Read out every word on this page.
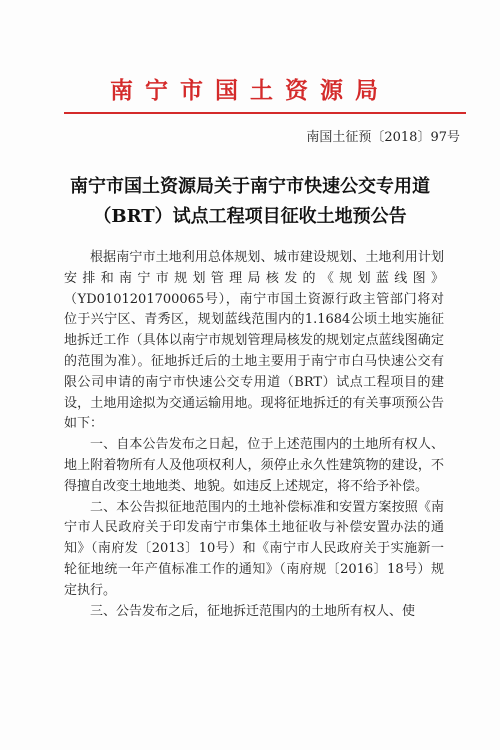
南宁市国土资源局
南国土征预〔2018〕97号
南宁市国土资源局关于南宁市快速公交专用道
（BRT）试点工程项目征收土地预公告

根据南宁市土地利用总体规划、城市建设规划、土地利用计划安排和南宁市规划管理局核发的《规划蓝线图》（YD0101201700065号），南宁市国土资源行政主管部门将对位于兴宁区、青秀区，规划蓝线范围内的1.1684公顷土地实施征地拆迁工作（具体以南宁市规划管理局核发的规划定点蓝线图确定的范围为准）。征地拆迁后的土地主要用于南宁市白马快速公交有限公司申请的南宁市快速公交专用道（BRT）试点工程项目的建设，土地用途拟为交通运输用地。现将征地拆迁的有关事项预公告如下：

一、自本公告发布之日起，位于上述范围内的土地所有权人、地上附着物所有人及他项权利人，须停止永久性建筑物的建设，不得擅自改变土地地类、地貌。如违反上述规定，将不给予补偿。

二、本公告拟征地范围内的土地补偿标准和安置方案按照《南宁市人民政府关于印发南宁市集体土地征收与补偿安置办法的通知》（南府发〔2013〕10号）和《南宁市人民政府关于实施新一轮征地统一年产值标准工作的通知》（南府规〔2016〕18号）规定执行。

三、公告发布之后，征地拆迁范围内的土地所有权人、使
